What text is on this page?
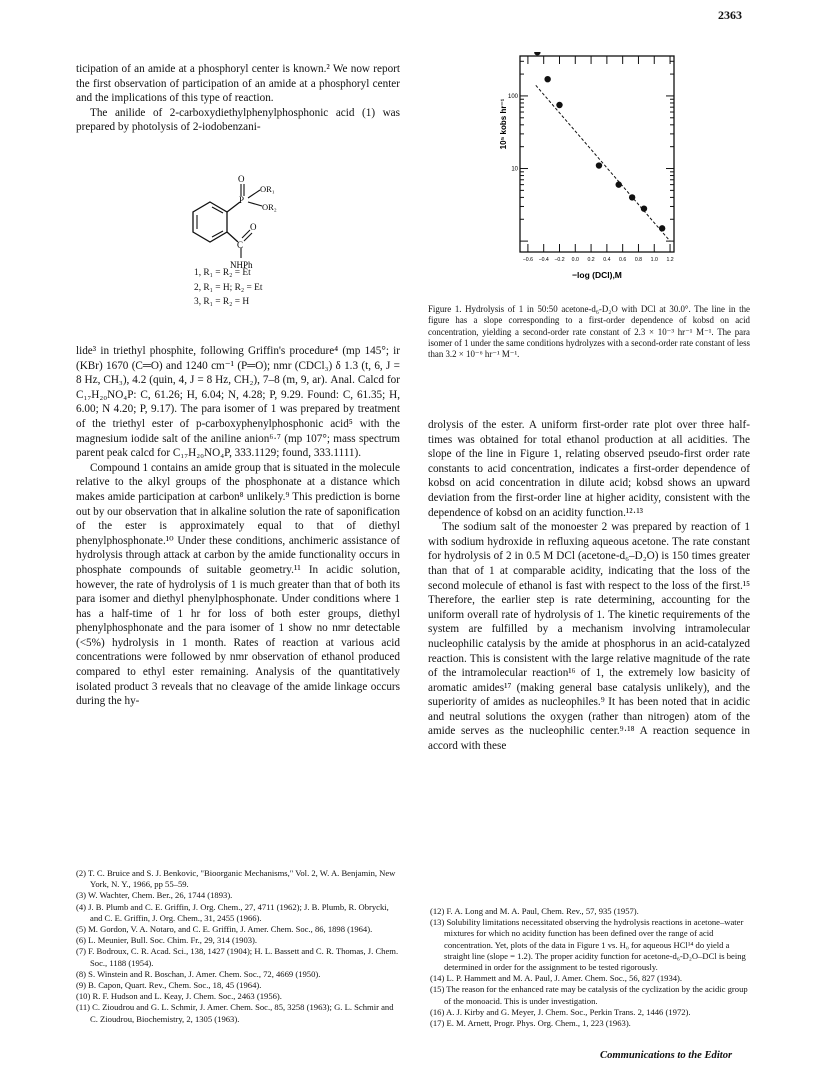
2363

ticipation of an amide at a phosphoryl center is known.² We now report the first observation of participation of an amide at a phosphoryl center and the implications of this type of reaction.

The anilide of 2-carboxydiethylphenylphosphonic acid (1) was prepared by photolysis of 2-iodobenzani-

O
OR₁
P
OR₂
C
O
NHPh
1, R₁ = R₂ = Et
2, R₁ = H; R₂ = Et
3, R₁ = R₂ = H

lide³ in triethyl phosphite, following Griffin's procedure⁴ (mp 145°; ir (KBr) 1670 (C═O) and 1240 cm⁻¹ (P═O); nmr (CDCl₃) δ 1.3 (t, 6, J = 8 Hz, CH₃), 4.2 (quin, 4, J = 8 Hz, CH₂), 7–8 (m, 9, ar). Anal. Calcd for C₁₇H₂₀NO₄P: C, 61.26; H, 6.04; N, 4.28; P, 9.29. Found: C, 61.35; H, 6.00; N 4.20; P, 9.17). The para isomer of 1 was prepared by treatment of the triethyl ester of p-carboxyphenylphosphonic acid⁵ with the magnesium iodide salt of the aniline anion⁶·⁷ (mp 107°; mass spectrum parent peak calcd for C₁₇H₂₀NO₄P, 333.1129; found, 333.1111).

Compound 1 contains an amide group that is situated in the molecule relative to the alkyl groups of the phosphonate at a distance which makes amide participation at carbon⁸ unlikely.⁹ This prediction is borne out by our observation that in alkaline solution the rate of saponification of the ester is approximately equal to that of diethyl phenylphosphonate.¹⁰ Under these conditions, anchimeric assistance of hydrolysis through attack at carbon by the amide functionality occurs in phosphate compounds of suitable geometry.¹¹ In acidic solution, however, the rate of hydrolysis of 1 is much greater than that of both its para isomer and diethyl phenylphosphonate. Under conditions where 1 has a half-time of 1 hr for loss of both ester groups, diethyl phenylphosphonate and the para isomer of 1 show no nmr detectable (<5%) hydrolysis in 1 month. Rates of reaction at various acid concentrations were followed by nmr observation of ethanol produced compared to ethyl ester remaining. Analysis of the quantitatively isolated product 3 reveals that no cleavage of the amide linkage occurs during the hy-

−0.6 −0.4 −0.2 0.0 0.2 0.4 0.6 0.8 1.0 1.2
100
10
−log (DCl),M
10⁵ kobs hr⁻¹
Figure 1. Hydrolysis of 1 in 50:50 acetone-d₆-D₂O with DCl at 30.0°. The line in the figure has a slope corresponding to a first-order dependence of kobsd on acid concentration, yielding a second-order rate constant of 2.3 × 10⁻³ hr⁻¹ M⁻¹. The para isomer of 1 under the same conditions hydrolyzes with a second-order rate constant of less than 3.2 × 10⁻⁶ hr⁻¹ M⁻¹.

drolysis of the ester. A uniform first-order rate plot over three half-times was obtained for total ethanol production at all acidities. The slope of the line in Figure 1, relating observed pseudo-first order rate constants to acid concentration, indicates a first-order dependence of kobsd on acid concentration in dilute acid; kobsd shows an upward deviation from the first-order line at higher acidity, consistent with the dependence of kobsd on an acidity function.¹²·¹³

The sodium salt of the monoester 2 was prepared by reaction of 1 with sodium hydroxide in refluxing aqueous acetone. The rate constant for hydrolysis of 2 in 0.5 M DCl (acetone-d₆–D₂O) is 150 times greater than that of 1 at comparable acidity, indicating that the loss of the second molecule of ethanol is fast with respect to the loss of the first.¹⁵ Therefore, the earlier step is rate determining, accounting for the uniform overall rate of hydrolysis of 1. The kinetic requirements of the system are fulfilled by a mechanism involving intramolecular nucleophilic catalysis by the amide at phosphorus in an acid-catalyzed reaction. This is consistent with the large relative magnitude of the rate of the intramolecular reaction¹⁶ of 1, the extremely low basicity of aromatic amides¹⁷ (making general base catalysis unlikely), and the superiority of amides as nucleophiles.⁹ It has been noted that in acidic and neutral solutions the oxygen (rather than nitrogen) atom of the amide serves as the nucleophilic center.⁹·¹⁸ A reaction sequence in accord with these

(2) T. C. Bruice and S. J. Benkovic, "Bioorganic Mechanisms," Vol. 2, W. A. Benjamin, New York, N. Y., 1966, pp 55–59.
(3) W. Wachter, Chem. Ber., 26, 1744 (1893).
(4) J. B. Plumb and C. E. Griffin, J. Org. Chem., 27, 4711 (1962); J. B. Plumb, R. Obrycki, and C. E. Griffin, J. Org. Chem., 31, 2455 (1966).
(5) M. Gordon, V. A. Notaro, and C. E. Griffin, J. Amer. Chem. Soc., 86, 1898 (1964).
(6) L. Meunier, Bull. Soc. Chim. Fr., 29, 314 (1903).
(7) F. Bodroux, C. R. Acad. Sci., 138, 1427 (1904); H. L. Bassett and C. R. Thomas, J. Chem. Soc., 1188 (1954).
(8) S. Winstein and R. Boschan, J. Amer. Chem. Soc., 72, 4669 (1950).
(9) B. Capon, Quart. Rev., Chem. Soc., 18, 45 (1964).
(10) R. F. Hudson and L. Keay, J. Chem. Soc., 2463 (1956).
(11) C. Zioudrou and G. L. Schmir, J. Amer. Chem. Soc., 85, 3258 (1963); G. L. Schmir and C. Zioudrou, Biochemistry, 2, 1305 (1963).
(12) F. A. Long and M. A. Paul, Chem. Rev., 57, 935 (1957).
(13) Solubility limitations necessitated observing the hydrolysis reactions in acetone–water mixtures for which no acidity function has been defined over the range of acid concentration. Yet, plots of the data in Figure 1 vs. H₀ for aqueous HCl¹⁴ do yield a straight line (slope = 1.2). The proper acidity function for acetone-d₆-D₂O–DCl is being determined in order for the assignment to be tested rigorously.
(14) L. P. Hammett and M. A. Paul, J. Amer. Chem. Soc., 56, 827 (1934).
(15) The reason for the enhanced rate may be catalysis of the cyclization by the acidic group of the monoacid. This is under investigation.
(16) A. J. Kirby and G. Meyer, J. Chem. Soc., Perkin Trans. 2, 1446 (1972).
(17) E. M. Arnett, Progr. Phys. Org. Chem., 1, 223 (1963).
Communications to the Editor
